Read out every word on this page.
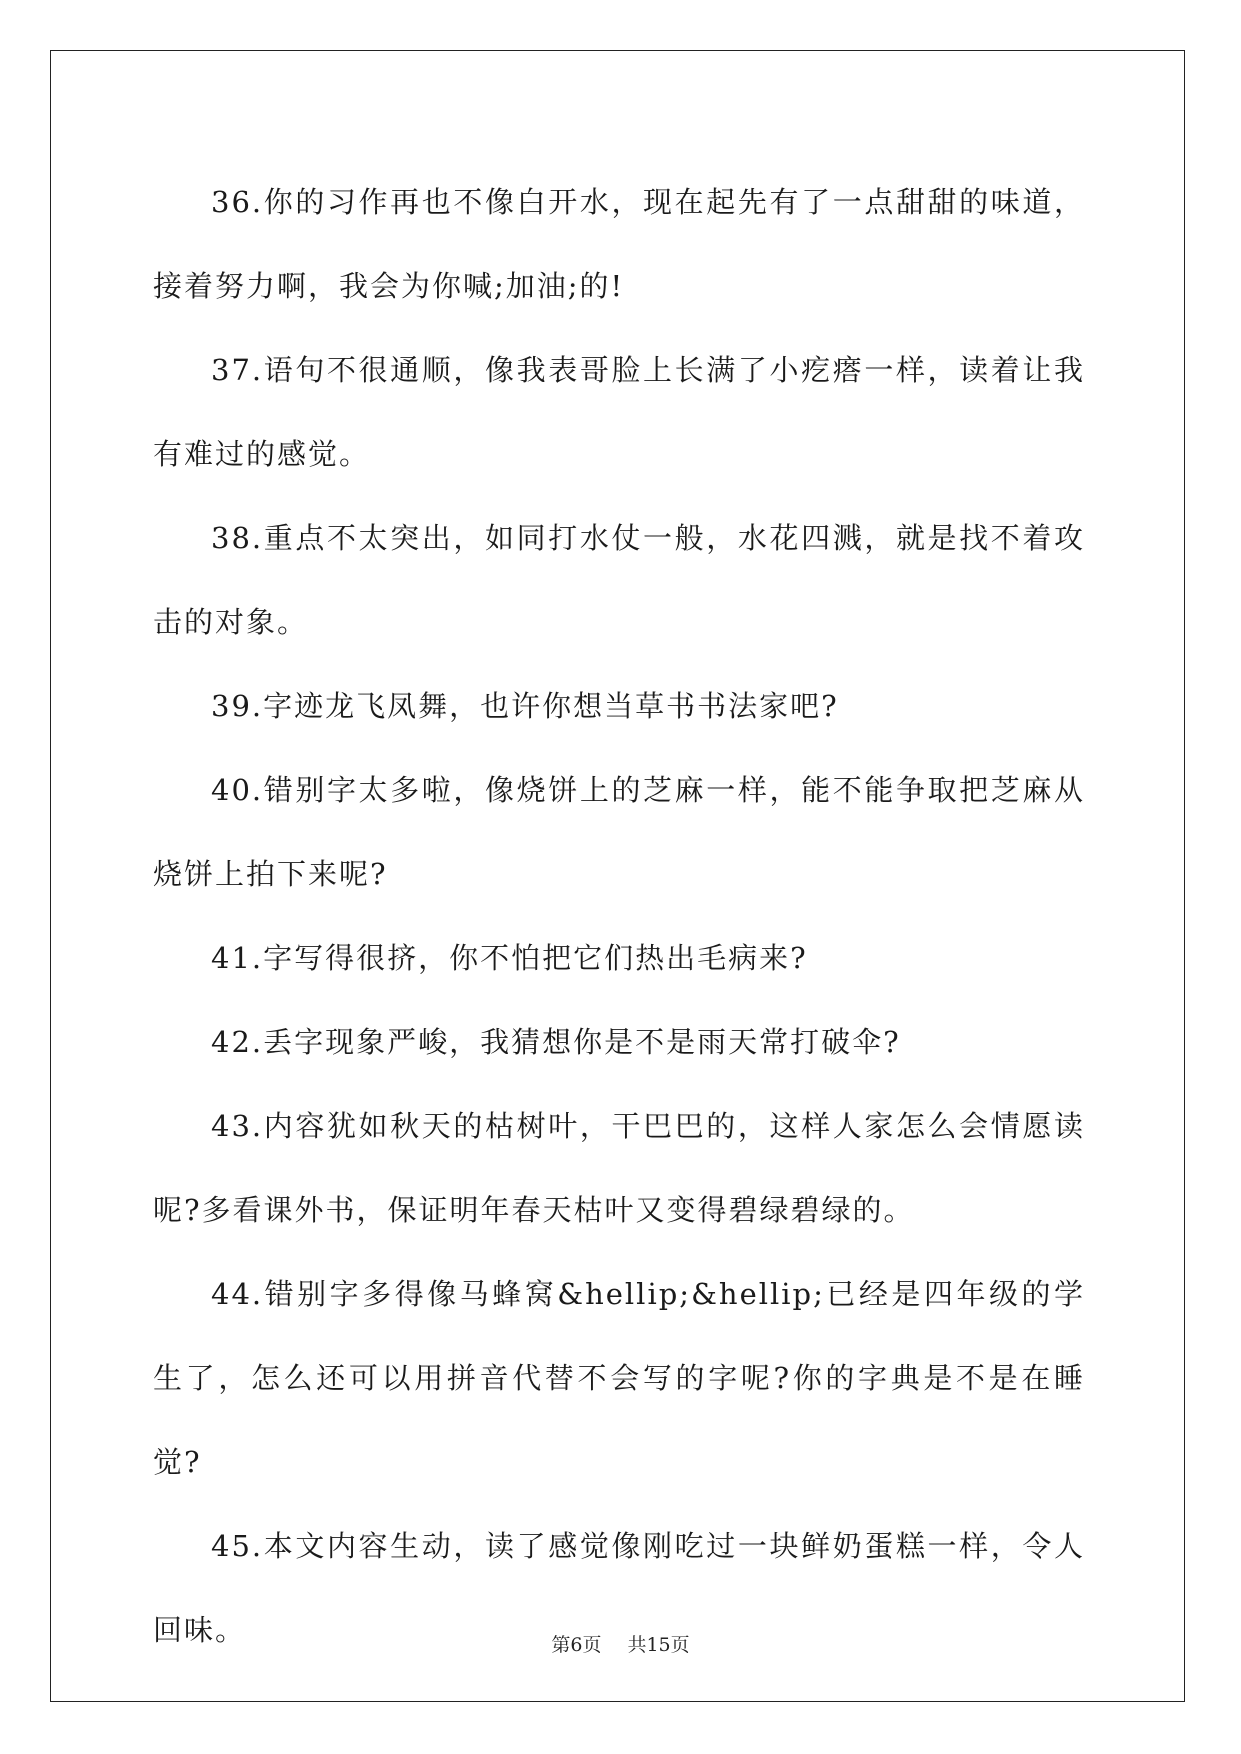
36.你的习作再也不像白开水，现在起先有了一点甜甜的味道，接着努力啊，我会为你喊;加油;的!

37.语句不很通顺，像我表哥脸上长满了小疙瘩一样，读着让我有难过的感觉。

38.重点不太突出，如同打水仗一般，水花四溅，就是找不着攻击的对象。

39.字迹龙飞凤舞，也许你想当草书书法家吧?

40.错别字太多啦，像烧饼上的芝麻一样，能不能争取把芝麻从烧饼上拍下来呢?

41.字写得很挤，你不怕把它们热出毛病来?

42.丢字现象严峻，我猜想你是不是雨天常打破伞?

43.内容犹如秋天的枯树叶，干巴巴的，这样人家怎么会情愿读呢?多看课外书，保证明年春天枯叶又变得碧绿碧绿的。

44.错别字多得像马蜂窝&hellip;&hellip;已经是四年级的学生了，怎么还可以用拼音代替不会写的字呢?你的字典是不是在睡觉?

45.本文内容生动，读了感觉像刚吃过一块鲜奶蛋糕一样，令人回味。	第6页 共15页
